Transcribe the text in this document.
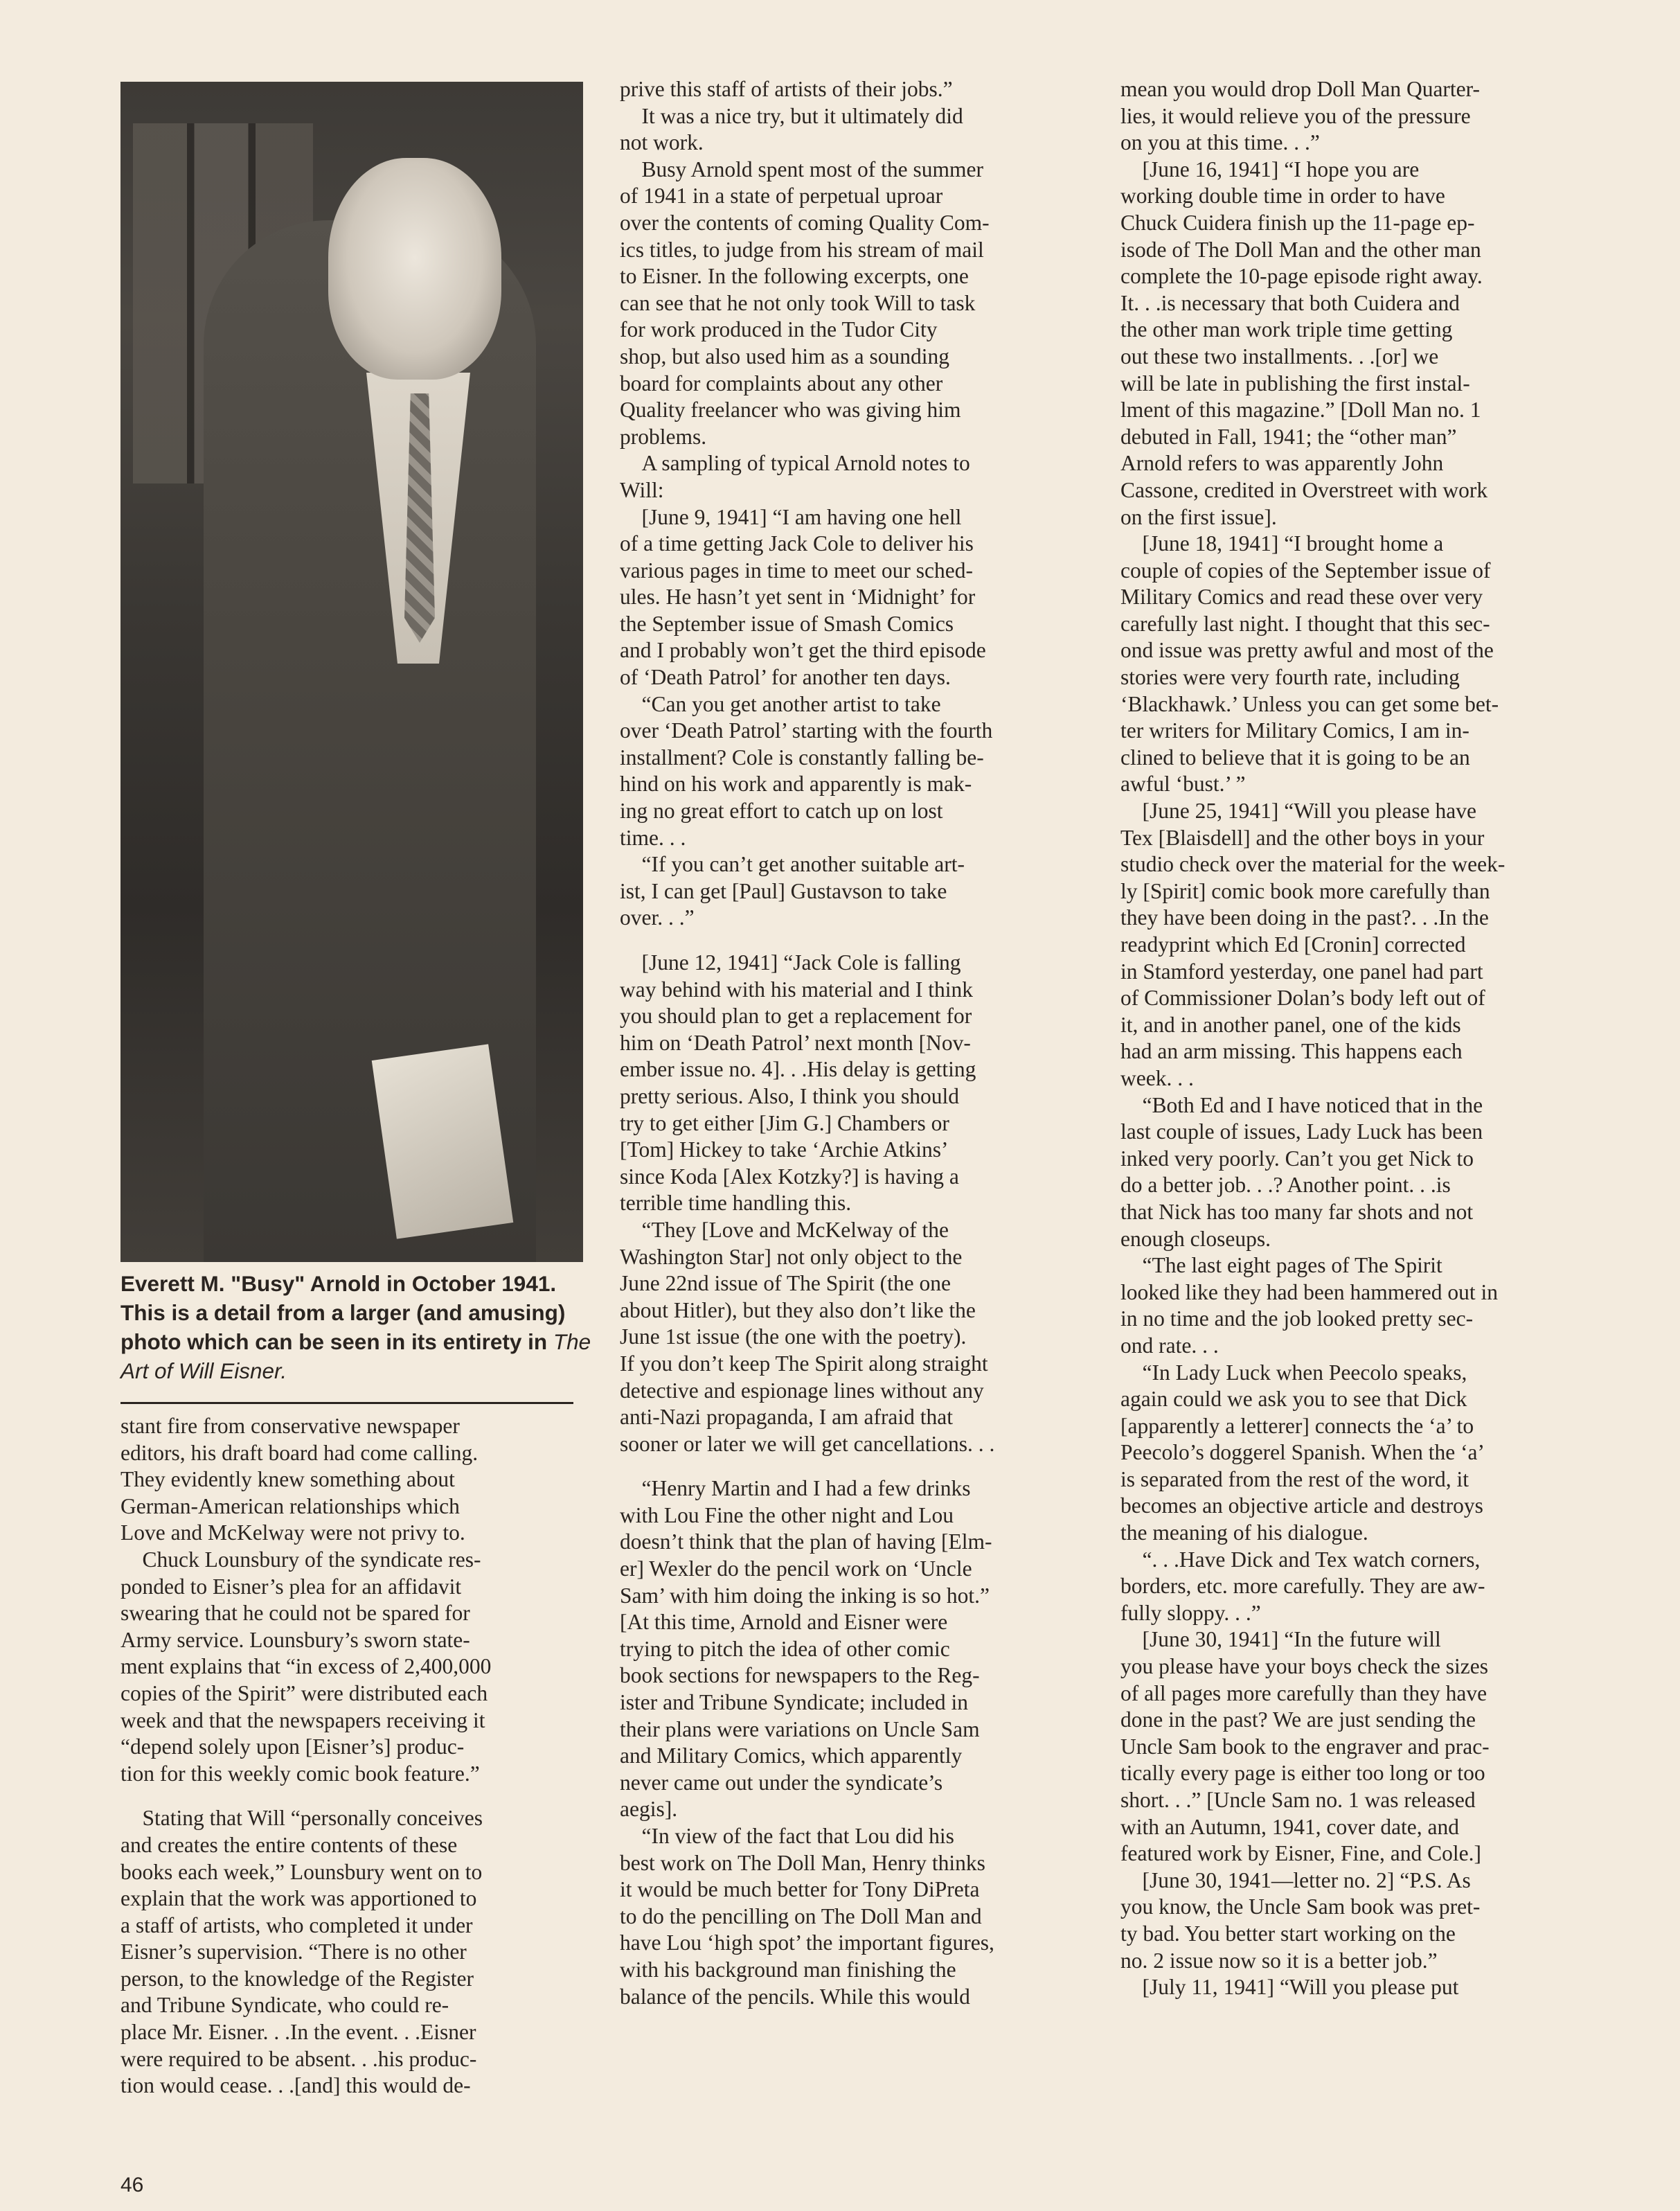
Everett M. "Busy" Arnold in October 1941. This is a detail from a larger (and amusing) photo which can be seen in its entirety in The Art of Will Eisner.
stant fire from conservative newspaper
editors, his draft board had come calling.
They evidently knew something about
German-American relationships which
Love and McKelway were not privy to.
Chuck Lounsbury of the syndicate res-
ponded to Eisner’s plea for an affidavit
swearing that he could not be spared for
Army service. Lounsbury’s sworn state-
ment explains that “in excess of 2,400,000
copies of the Spirit” were distributed each
week and that the newspapers receiving it
“depend solely upon [Eisner’s] produc-
tion for this weekly comic book feature.”
Stating that Will “personally conceives
and creates the entire contents of these
books each week,” Lounsbury went on to
explain that the work was apportioned to
a staff of artists, who completed it under
Eisner’s supervision. “There is no other
person, to the knowledge of the Register
and Tribune Syndicate, who could re-
place Mr. Eisner. . .In the event. . .Eisner
were required to be absent. . .his produc-
tion would cease. . .[and] this would de-
prive this staff of artists of their jobs.”
It was a nice try, but it ultimately did
not work.
Busy Arnold spent most of the summer
of 1941 in a state of perpetual uproar
over the contents of coming Quality Com-
ics titles, to judge from his stream of mail
to Eisner. In the following excerpts, one
can see that he not only took Will to task
for work produced in the Tudor City
shop, but also used him as a sounding
board for complaints about any other
Quality freelancer who was giving him
problems.
A sampling of typical Arnold notes to
Will:
[June 9, 1941] “I am having one hell
of a time getting Jack Cole to deliver his
various pages in time to meet our sched-
ules. He hasn’t yet sent in ‘Midnight’ for
the September issue of Smash Comics
and I probably won’t get the third episode
of ‘Death Patrol’ for another ten days.
“Can you get another artist to take
over ‘Death Patrol’ starting with the fourth
installment? Cole is constantly falling be-
hind on his work and apparently is mak-
ing no great effort to catch up on lost
time. . .
“If you can’t get another suitable art-
ist, I can get [Paul] Gustavson to take
over. . .”
[June 12, 1941] “Jack Cole is falling
way behind with his material and I think
you should plan to get a replacement for
him on ‘Death Patrol’ next month [Nov-
ember issue no. 4]. . .His delay is getting
pretty serious. Also, I think you should
try to get either [Jim G.] Chambers or
[Tom] Hickey to take ‘Archie Atkins’
since Koda [Alex Kotzky?] is having a
terrible time handling this.
“They [Love and McKelway of the
Washington Star] not only object to the
June 22nd issue of The Spirit (the one
about Hitler), but they also don’t like the
June 1st issue (the one with the poetry).
If you don’t keep The Spirit along straight
detective and espionage lines without any
anti-Nazi propaganda, I am afraid that
sooner or later we will get cancellations. . .
“Henry Martin and I had a few drinks
with Lou Fine the other night and Lou
doesn’t think that the plan of having [Elm-
er] Wexler do the pencil work on ‘Uncle
Sam’ with him doing the inking is so hot.”
[At this time, Arnold and Eisner were
trying to pitch the idea of other comic
book sections for newspapers to the Reg-
ister and Tribune Syndicate; included in
their plans were variations on Uncle Sam
and Military Comics, which apparently
never came out under the syndicate’s
aegis].
“In view of the fact that Lou did his
best work on The Doll Man, Henry thinks
it would be much better for Tony DiPreta
to do the pencilling on The Doll Man and
have Lou ‘high spot’ the important figures,
with his background man finishing the
balance of the pencils. While this would
mean you would drop Doll Man Quarter-
lies, it would relieve you of the pressure
on you at this time. . .”
[June 16, 1941] “I hope you are
working double time in order to have
Chuck Cuidera finish up the 11-page ep-
isode of The Doll Man and the other man
complete the 10-page episode right away.
It. . .is necessary that both Cuidera and
the other man work triple time getting
out these two installments. . .[or] we
will be late in publishing the first instal-
lment of this magazine.” [Doll Man no. 1
debuted in Fall, 1941; the “other man”
Arnold refers to was apparently John
Cassone, credited in Overstreet with work
on the first issue].
[June 18, 1941] “I brought home a
couple of copies of the September issue of
Military Comics and read these over very
carefully last night. I thought that this sec-
ond issue was pretty awful and most of the
stories were very fourth rate, including
‘Blackhawk.’ Unless you can get some bet-
ter writers for Military Comics, I am in-
clined to believe that it is going to be an
awful ‘bust.’ ”
[June 25, 1941] “Will you please have
Tex [Blaisdell] and the other boys in your
studio check over the material for the week-
ly [Spirit] comic book more carefully than
they have been doing in the past?. . .In the
readyprint which Ed [Cronin] corrected
in Stamford yesterday, one panel had part
of Commissioner Dolan’s body left out of
it, and in another panel, one of the kids
had an arm missing. This happens each
week. . .
“Both Ed and I have noticed that in the
last couple of issues, Lady Luck has been
inked very poorly. Can’t you get Nick to
do a better job. . .? Another point. . .is
that Nick has too many far shots and not
enough closeups.
“The last eight pages of The Spirit
looked like they had been hammered out in
in no time and the job looked pretty sec-
ond rate. . .
“In Lady Luck when Peecolo speaks,
again could we ask you to see that Dick
[apparently a letterer] connects the ‘a’ to
Peecolo’s doggerel Spanish. When the ‘a’
is separated from the rest of the word, it
becomes an objective article and destroys
the meaning of his dialogue.
“. . .Have Dick and Tex watch corners,
borders, etc. more carefully. They are aw-
fully sloppy. . .”
[June 30, 1941] “In the future will
you please have your boys check the sizes
of all pages more carefully than they have
done in the past? We are just sending the
Uncle Sam book to the engraver and prac-
tically every page is either too long or too
short. . .” [Uncle Sam no. 1 was released
with an Autumn, 1941, cover date, and
featured work by Eisner, Fine, and Cole.]
[June 30, 1941—letter no. 2] “P.S. As
you know, the Uncle Sam book was pret-
ty bad. You better start working on the
no. 2 issue now so it is a better job.”
[July 11, 1941] “Will you please put
46
